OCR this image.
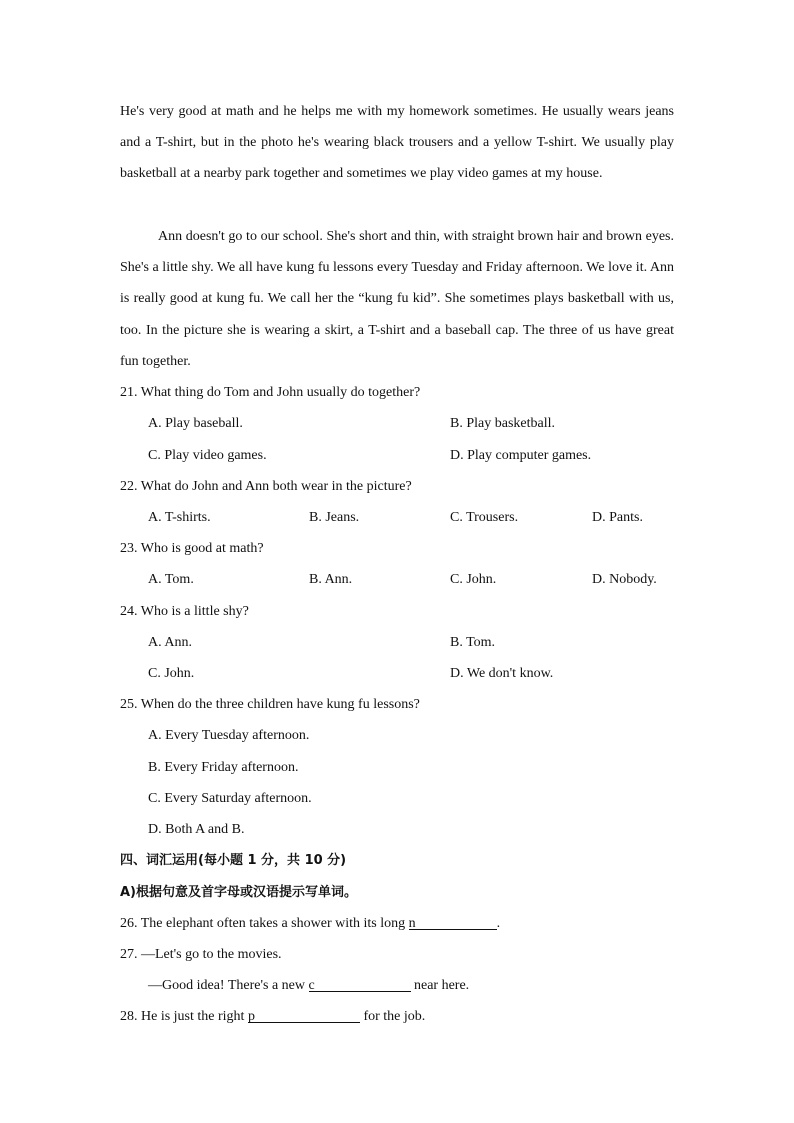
He's very good at math and he helps me with my homework sometimes. He usually wears jeans and a T-shirt, but in the photo he's wearing black trousers and a yellow T-shirt. We usually play basketball at a nearby park together and sometimes we play video games at my house.

Ann doesn't go to our school. She's short and thin, with straight brown hair and brown eyes. She's a little shy. We all have kung fu lessons every Tuesday and Friday afternoon. We love it. Ann is really good at kung fu. We call her the “kung fu kid”. She sometimes plays basketball with us, too. In the picture she is wearing a skirt, a T-shirt and a baseball cap. The three of us have great fun together.

21. What thing do Tom and John usually do together?
A. Play baseball.	B. Play basketball.
C. Play video games.	D. Play computer games.
22. What do John and Ann both wear in the picture?
A. T-shirts.	B. Jeans.	C. Trousers.	D. Pants.
23. Who is good at math?
A. Tom.	B. Ann.	C. John.	D. Nobody.
24. Who is a little shy?
A. Ann.	B. Tom.
C. John.	D. We don't know.
25. When do the three children have kung fu lessons?
A. Every Tuesday afternoon.
B. Every Friday afternoon.
C. Every Saturday afternoon.
D. Both A and B.
四、词汇运用(每小题 1 分，共 10 分)
A)根据句意及首字母或汉语提示写单词。
26. The elephant often takes a shower with its long n	.
27. —Let's go to the movies.
—Good idea! There's a new c	near here.
28. He is just the right p	for the job.
